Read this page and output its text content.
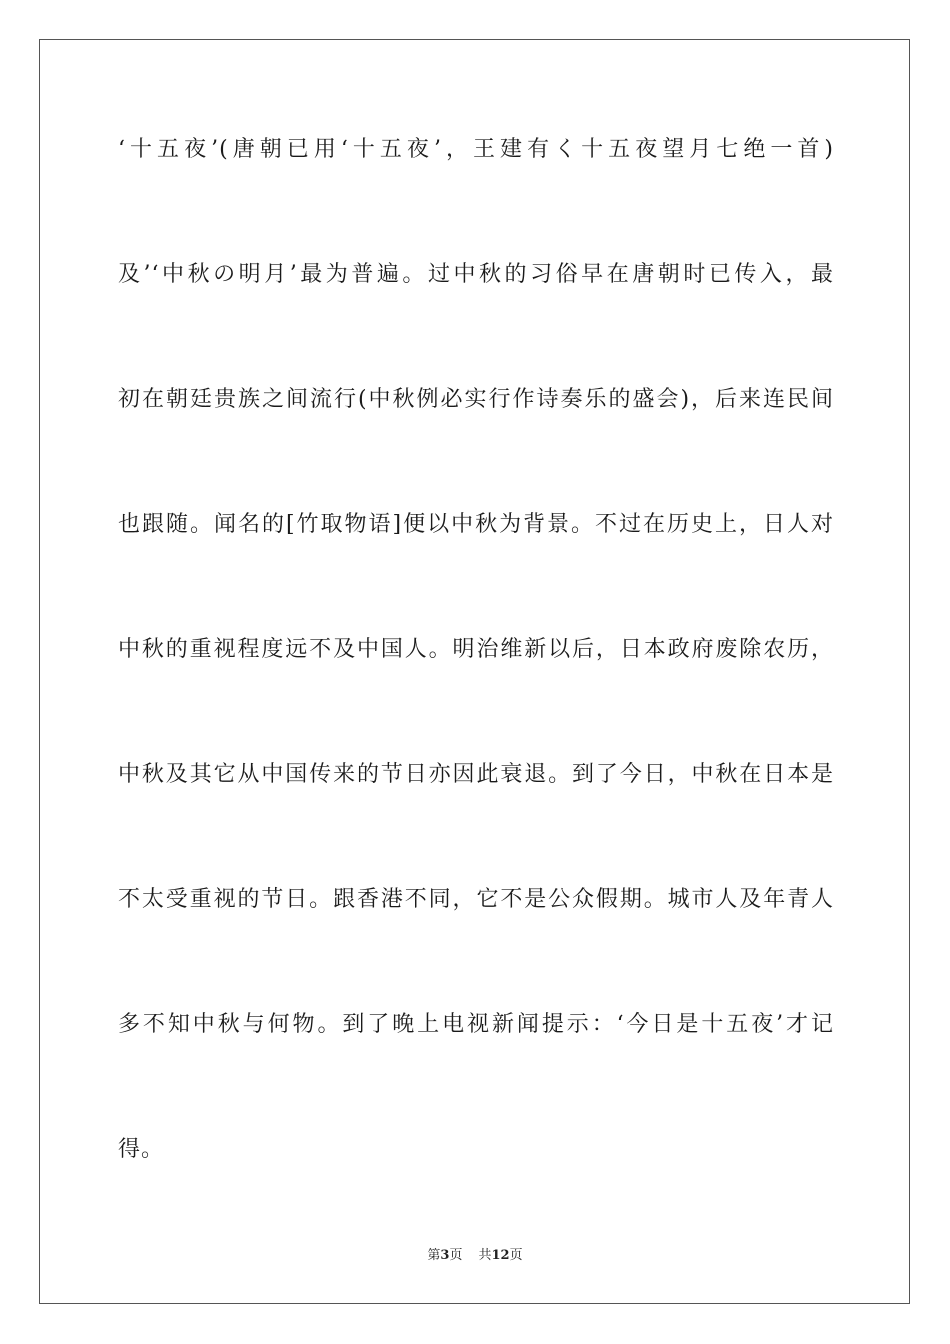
‘十五夜’(唐朝已用‘十五夜’，王建有く十五夜望月七绝一首)
及’‘中秋の明月’最为普遍。过中秋的习俗早在唐朝时已传入，最
初在朝廷贵族之间流行(中秋例必实行作诗奏乐的盛会)，后来连民间
也跟随。闻名的[竹取物语]便以中秋为背景。不过在历史上，日人对
中秋的重视程度远不及中国人。明治维新以后，日本政府废除农历，
中秋及其它从中国传来的节日亦因此衰退。到了今日，中秋在日本是
不太受重视的节日。跟香港不同，它不是公众假期。城市人及年青人
多不知中秋与何物。到了晚上电视新闻提示：‘今日是十五夜’才记
得。
第3页 共12页
